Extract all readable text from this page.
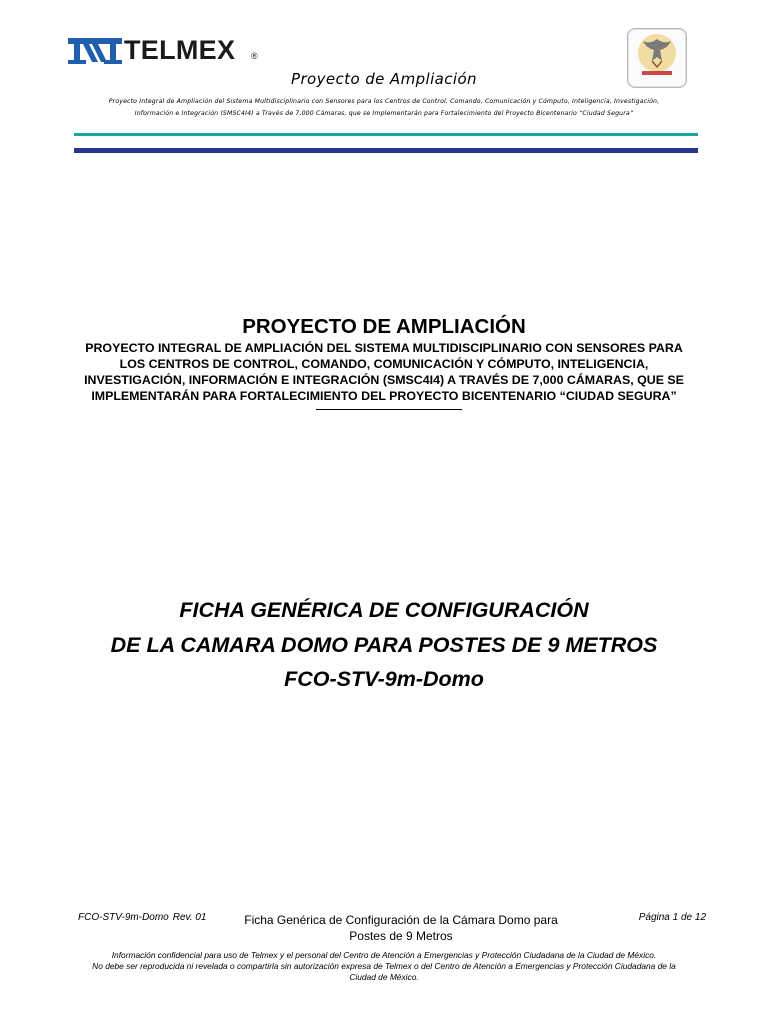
TELMEX ®
Proyecto de Ampliación
Proyecto Integral de Ampliación del Sistema Multidisciplinario con Sensores para los Centros de Control, Comando, Comunicación y Cómputo, Inteligencia, Investigación,
Información e Integración (SMSC4I4) a Través de 7,000 Cámaras, que se Implementarán para Fortalecimiento del Proyecto Bicentenario “Ciudad Segura”
PROYECTO DE AMPLIACIÓN
PROYECTO INTEGRAL DE AMPLIACIÓN DEL SISTEMA MULTIDISCIPLINARIO CON SENSORES PARA
LOS CENTROS DE CONTROL, COMANDO, COMUNICACIÓN Y CÓMPUTO, INTELIGENCIA,
INVESTIGACIÓN, INFORMACIÓN E INTEGRACIÓN (SMSC4I4) A TRAVÉS DE 7,000 CÁMARAS, QUE SE
IMPLEMENTARÁN PARA FORTALECIMIENTO DEL PROYECTO BICENTENARIO “CIUDAD SEGURA”
FICHA GENÉRICA DE CONFIGURACIÓN
DE LA CAMARA DOMO PARA POSTES DE 9 METROS
FCO-STV-9m-Domo
FCO-STV-9m-Domo Rev. 01	Ficha Genérica de Configuración de la Cámara Domo para
Postes de 9 Metros
Página 1 de 12
Información confidencial para uso de Telmex y el personal del Centro de Atención a Emergencias y Protección Ciudadana de la Ciudad de México.
No debe ser reproducida ni revelada o compartirla sin autorización expresa de Telmex o del Centro de Atención a Emergencias y Protección Ciudadana de la
Ciudad de México.
